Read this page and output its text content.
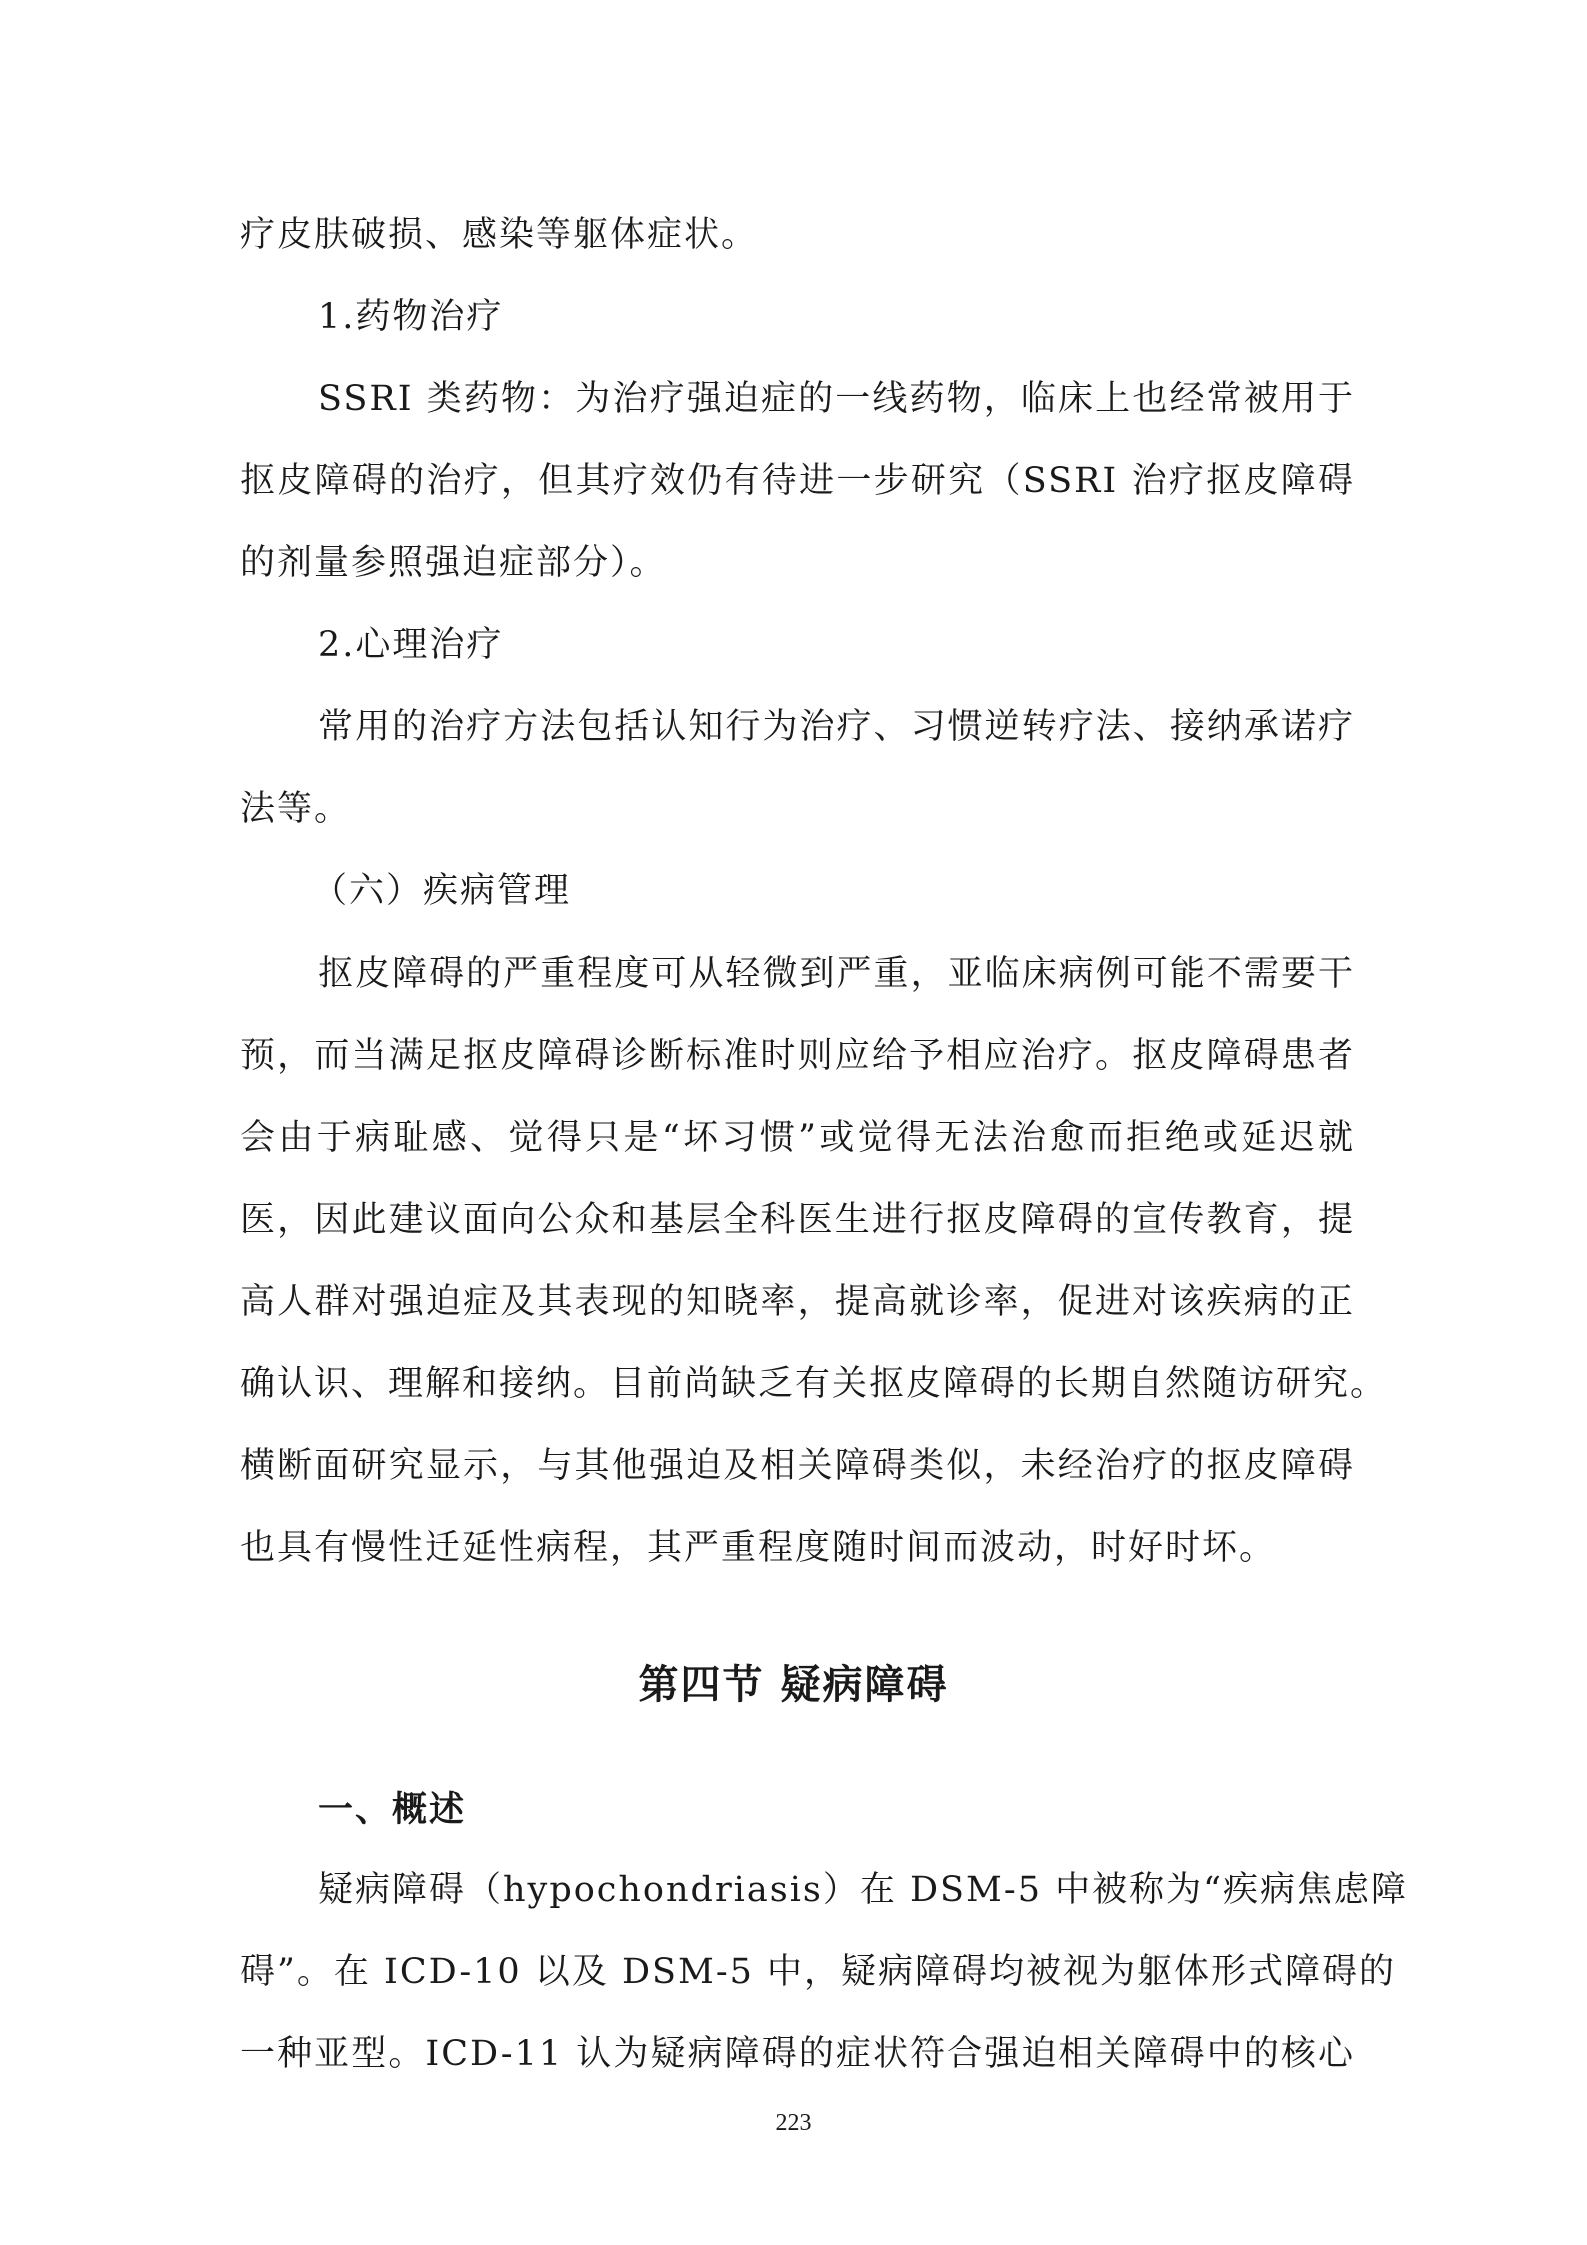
疗皮肤破损、感染等躯体症状。
1.药物治疗
SSRI 类药物：为治疗强迫症的一线药物，临床上也经常被用于
抠皮障碍的治疗，但其疗效仍有待进一步研究（SSRI 治疗抠皮障碍
的剂量参照强迫症部分）。
2.心理治疗
常用的治疗方法包括认知行为治疗、习惯逆转疗法、接纳承诺疗
法等。
（六）疾病管理
抠皮障碍的严重程度可从轻微到严重，亚临床病例可能不需要干
预，而当满足抠皮障碍诊断标准时则应给予相应治疗。抠皮障碍患者
会由于病耻感、觉得只是“坏习惯”或觉得无法治愈而拒绝或延迟就
医，因此建议面向公众和基层全科医生进行抠皮障碍的宣传教育，提
高人群对强迫症及其表现的知晓率，提高就诊率，促进对该疾病的正
确认识、理解和接纳。目前尚缺乏有关抠皮障碍的长期自然随访研究。
横断面研究显示，与其他强迫及相关障碍类似，未经治疗的抠皮障碍
也具有慢性迁延性病程，其严重程度随时间而波动，时好时坏。
第四节 疑病障碍
一、概述
疑病障碍（hypochondriasis）在 DSM-5 中被称为“疾病焦虑障
碍”。在 ICD-10 以及 DSM-5 中，疑病障碍均被视为躯体形式障碍的
一种亚型。ICD-11 认为疑病障碍的症状符合强迫相关障碍中的核心
223
